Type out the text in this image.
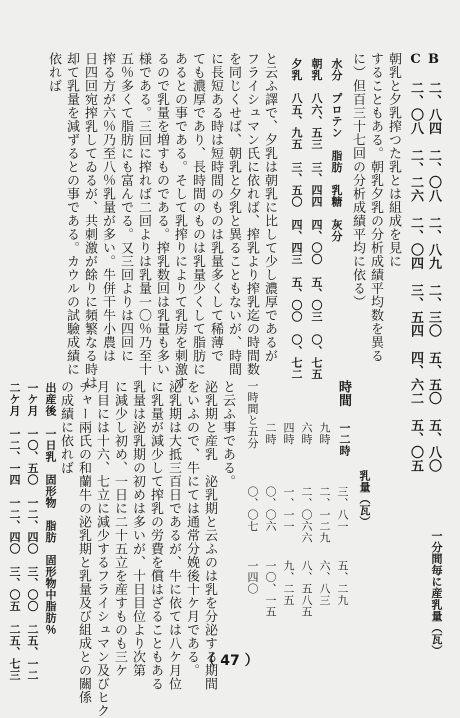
B　二、八四　二、〇八　二、八九　二、三〇　五、五〇　五、八〇
C　二、〇八　二、二六　二、〇四　三、五四　四、六二　五、〇五
朝乳と夕乳搾つた乳とは組成を見に
することもある。朝乳夕乳の分析成績平均数を異る
に）但百三十七回の分析成績平均に依る）
水分　プロテン　脂肪　乳糖　灰分
朝乳　八六、五三　三、四四　四、〇〇　五、〇三　〇、七五
夕乳　八五、九五　三、五〇　四、四三　五、〇〇　〇、七二
と云ふ譯で、夕乳は朝乳に比して少し濃厚であるが
フライシュマン氏に依れば、搾乳より搾乳迄の時間数
を同じくせば、朝乳と夕乳と異ることもないが、時間
に長短ある時は短時間のものは乳量多くして稀薄で
ても濃厚であり、長時間のものは乳量少くして脂肪に
あるとの事である。そして乳搾りによりて乳房を刺激す
るので乳量を増すものである。搾乳数回は乳量も多い
様である。三回に搾れば二回よりは乳量一〇％乃至十
五％多くて脂肪にも富んでる。又三回よりは四回に
搾る方が六％乃至八％乳量が多い。牛併干牛小農は
日四回宛搾乳してゐるが、共刺激が餘りに頻繁なる時は
却て乳量を減ずるとの事である。カウルの試驗成績に
依れば
時間
一二時
九時
六時
四時
二時
一時間と五分
乳量（瓦）
三、八一
二、一二九
二、〇六六
一、一一
〇、〇六
〇、〇七
一分間毎に産乳量（瓦）
五、二九
六、八三
八、五八五
九、二五
一〇、一五
一四〇
と云ふ事である。
泌乳期と産乳　泌乳期と云ふのは乳を分泌する期間
をいふので、牛にては通常分娩後十ケ月である。
泌乳期は大抵三百日であるが、牛に依ては八ケ月位
に乳量が減少して搾乳の労費を償はざることもある
乳量は泌乳期の初めは多いが、十日目位より次第
に減少し初め、一日に二十五立を産すものも三ケ
月目には十六、七立に減少するフライシュマン及びヒク
チャー兩氏の和蘭牛の泌乳期と乳量及び組成との關係
の成績に依れば
出産後　一日乳　固形物　脂肪　固形物中脂肪％
一ケ月　一〇、五〇　一二、四〇　三、〇〇　二五、一二
二ケ月　一二、一四　一二、四〇　三、〇五　二五、七三	（ 47 ）
